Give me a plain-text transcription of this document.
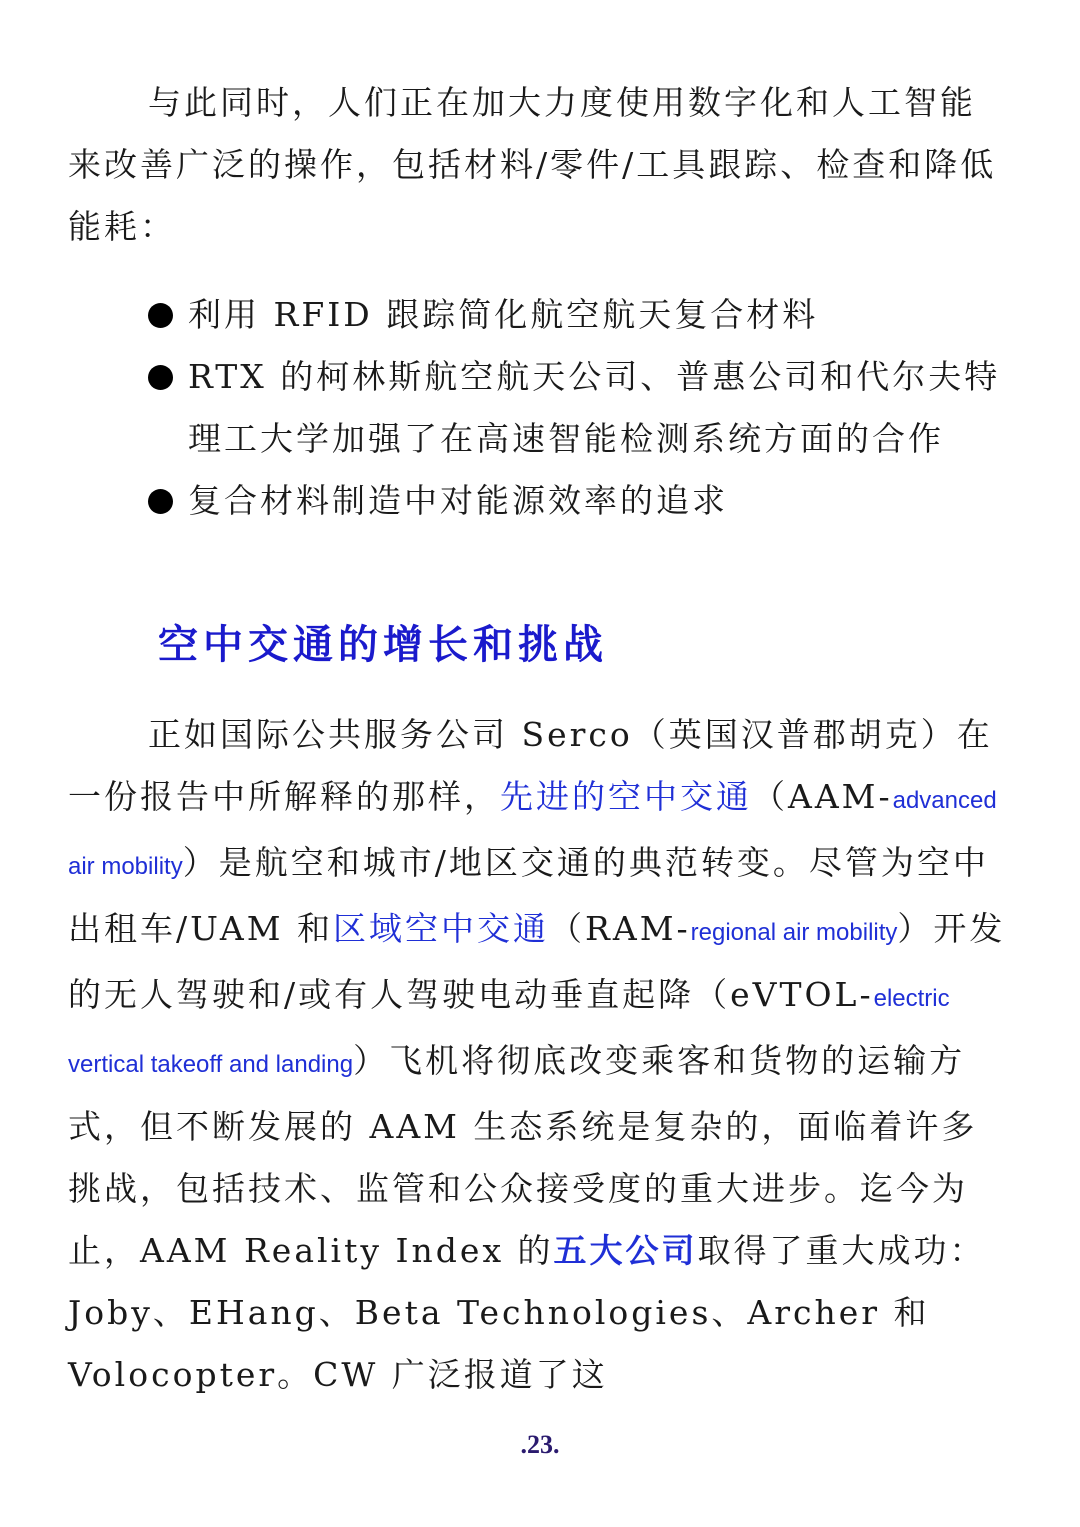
与此同时，人们正在加大力度使用数字化和人工智能来改善广泛的操作，包括材料/零件/工具跟踪、检查和降低能耗：

利用 RFID 跟踪简化航空航天复合材料
RTX 的柯林斯航空航天公司、普惠公司和代尔夫特理工大学加强了在高速智能检测系统方面的合作
复合材料制造中对能源效率的追求
空中交通的增长和挑战

正如国际公共服务公司 Serco（英国汉普郡胡克）在一份报告中所解释的那样，先进的空中交通（AAM-advanced air mobility）是航空和城市/地区交通的典范转变。尽管为空中出租车/UAM 和区域空中交通（RAM-regional air mobility）开发的无人驾驶和/或有人驾驶电动垂直起降（eVTOL-electric vertical takeoff and landing）飞机将彻底改变乘客和货物的运输方式，但不断发展的 AAM 生态系统是复杂的，面临着许多挑战，包括技术、监管和公众接受度的重大进步。迄今为止，AAM Reality Index 的五大公司取得了重大成功：Joby、EHang、Beta Technologies、Archer 和 Volocopter。CW 广泛报道了这

.23.
